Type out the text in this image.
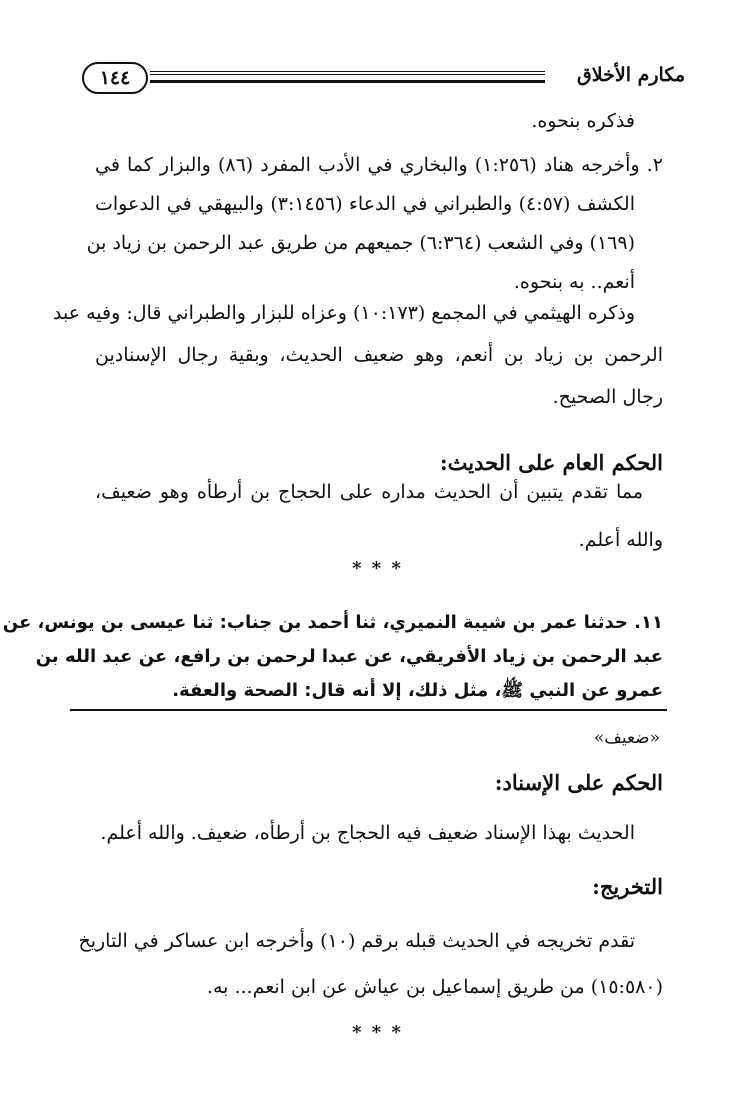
مكارم الأخلاق
١٤٤
فذكره بنحوه.
٢. وأخرجه هناد (١:٢٥٦) والبخاري في الأدب المفرد (٨٦) والبزار كما في
الكشف (٤:٥٧) والطبراني في الدعاء (٣:١٤٥٦) والبيهقي في الدعوات
(١٦٩) وفي الشعب (٦:٣٦٤) جميعهم من طريق عبد الرحمن بن زياد بن
أنعم.. به بنحوه.
وذكره الهيثمي في المجمع (١٠:١٧٣) وعزاه للبزار والطبراني قال: وفيه عبد
الرحمن بن زياد بن أنعم، وهو ضعيف الحديث، وبقية رجال الإسنادين
رجال الصحيح.
الحكم العام على الحديث:
مما تقدم يتبين أن الحديث مداره على الحجاج بن أرطأه وهو ضعيف،
والله أعلم.
* * *
١١. حدثنا عمر بن شيبة النميري، ثنا أحمد بن جناب: ثنا عيسى بن يونس، عن
عبد الرحمن بن زياد الأفريقي، عن عبدا لرحمن بن رافع، عن عبد الله بن
عمرو عن النبي ﷺ، مثل ذلك، إلا أنه قال: الصحة والعفة.
«ضعيف»
الحكم على الإسناد:
الحديث بهذا الإسناد ضعيف فيه الحجاج بن أرطأه، ضعيف. والله أعلم.
التخريج:
تقدم تخريجه في الحديث قبله برقم (١٠) وأخرجه ابن عساكر في التاريخ
(١٥:٥٨٠) من طريق إسماعيل بن عياش عن ابن انعم... به.
* * *
